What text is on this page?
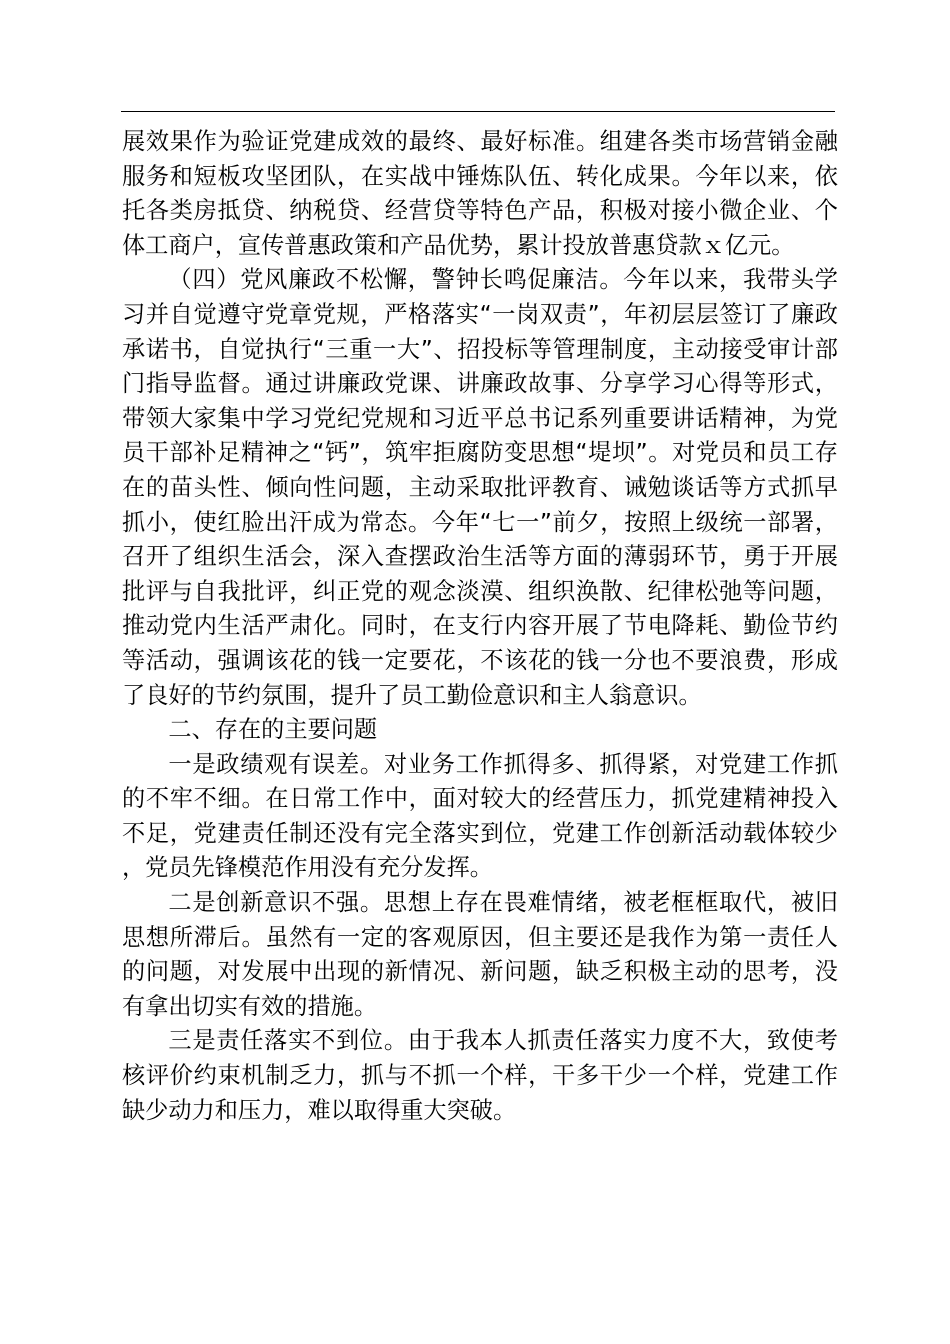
展效果作为验证党建成效的最终、最好标准。组建各类市场营销金融服务和短板攻坚团队，在实战中锤炼队伍、转化成果。今年以来，依托各类房抵贷、纳税贷、经营贷等特色产品，积极对接小微企业、个体工商户，宣传普惠政策和产品优势，累计投放普惠贷款ｘ亿元。

（四）党风廉政不松懈，警钟长鸣促廉洁。今年以来，我带头学习并自觉遵守党章党规，严格落实“一岗双责”，年初层层签订了廉政承诺书，自觉执行“三重一大”、招投标等管理制度，主动接受审计部门指导监督。通过讲廉政党课、讲廉政故事、分享学习心得等形式，带领大家集中学习党纪党规和习近平总书记系列重要讲话精神，为党员干部补足精神之“钙”，筑牢拒腐防变思想“堤坝”。对党员和员工存在的苗头性、倾向性问题，主动采取批评教育、诫勉谈话等方式抓早抓小，使红脸出汗成为常态。今年“七一”前夕，按照上级统一部署，召开了组织生活会，深入查摆政治生活等方面的薄弱环节，勇于开展批评与自我批评，纠正党的观念淡漠、组织涣散、纪律松弛等问题，推动党内生活严肃化。同时，在支行内容开展了节电降耗、勤俭节约等活动，强调该花的钱一定要花，不该花的钱一分也不要浪费，形成了良好的节约氛围，提升了员工勤俭意识和主人翁意识。

二、存在的主要问题

一是政绩观有误差。对业务工作抓得多、抓得紧，对党建工作抓的不牢不细。在日常工作中，面对较大的经营压力，抓党建精神投入不足，党建责任制还没有完全落实到位，党建工作创新活动载体较少，党员先锋模范作用没有充分发挥。

二是创新意识不强。思想上存在畏难情绪，被老框框取代，被旧思想所滞后。虽然有一定的客观原因，但主要还是我作为第一责任人的问题，对发展中出现的新情况、新问题，缺乏积极主动的思考，没有拿出切实有效的措施。

三是责任落实不到位。由于我本人抓责任落实力度不大，致使考核评价约束机制乏力，抓与不抓一个样，干多干少一个样，党建工作缺少动力和压力，难以取得重大突破。
